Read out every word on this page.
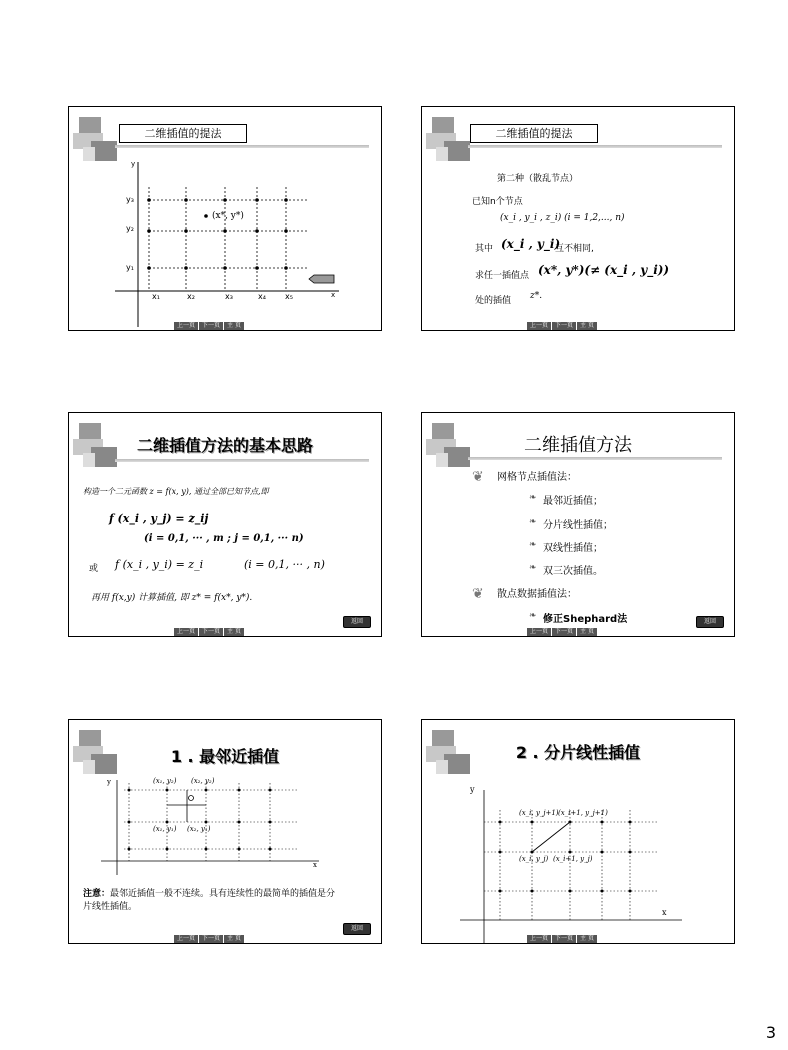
二维插值的提法
y
x
y₃
y₂
y₁
x₁	x₂	x₃	x₄ x₅
(x*, y*)
上一页	下一页	主 页
二维插值的提法
第二种（散乱节点）
已知n个节点
(x_i , y_i , z_i) (i = 1,2,..., n)
其中 (x_i , y_i)
互不相同,
求任一插值点 (x*, y*)(≠ (x_i , y_i))
处的插值 z*.
上一页	下一页	主 页
二维插值方法的基本思路
构造一个二元函数 z = f(x, y), 通过全部已知节点,即
f (x_i , y_j) = z_ij
(i = 0,1, ··· , m ; j = 0,1, ··· n)
或 f (x_i , y_i) = z_i	(i = 0,1, ··· , n)
再用 f(x,y) 计算插值, 即 z* = f(x*, y*).
返回
上一页	下一页	主 页
二维插值方法
❦ 网格节点插值法：
❧ 最邻近插值；
❧ 分片线性插值；
❧ 双线性插值；
❧ 双三次插值。
❦ 散点数据插值法：
❧ 修正Shephard法	返回
上一页	下一页	主 页
1 . 最邻近插值
y
x
(x₁, y₂) (x₂, y₂)
(x₁, y₁) (x₂, y₁)
注意：最邻近插值一般不连续。具有连续性的最简单的插值是分片线性插值。
返回
上一页	下一页	主 页
2 . 分片线性插值
y
x
(x_i, y_j+1) (x_i+1, y_j+1)
(x_i, y_j) (x_i+1, y_j)
上一页	下一页	主 页
3
